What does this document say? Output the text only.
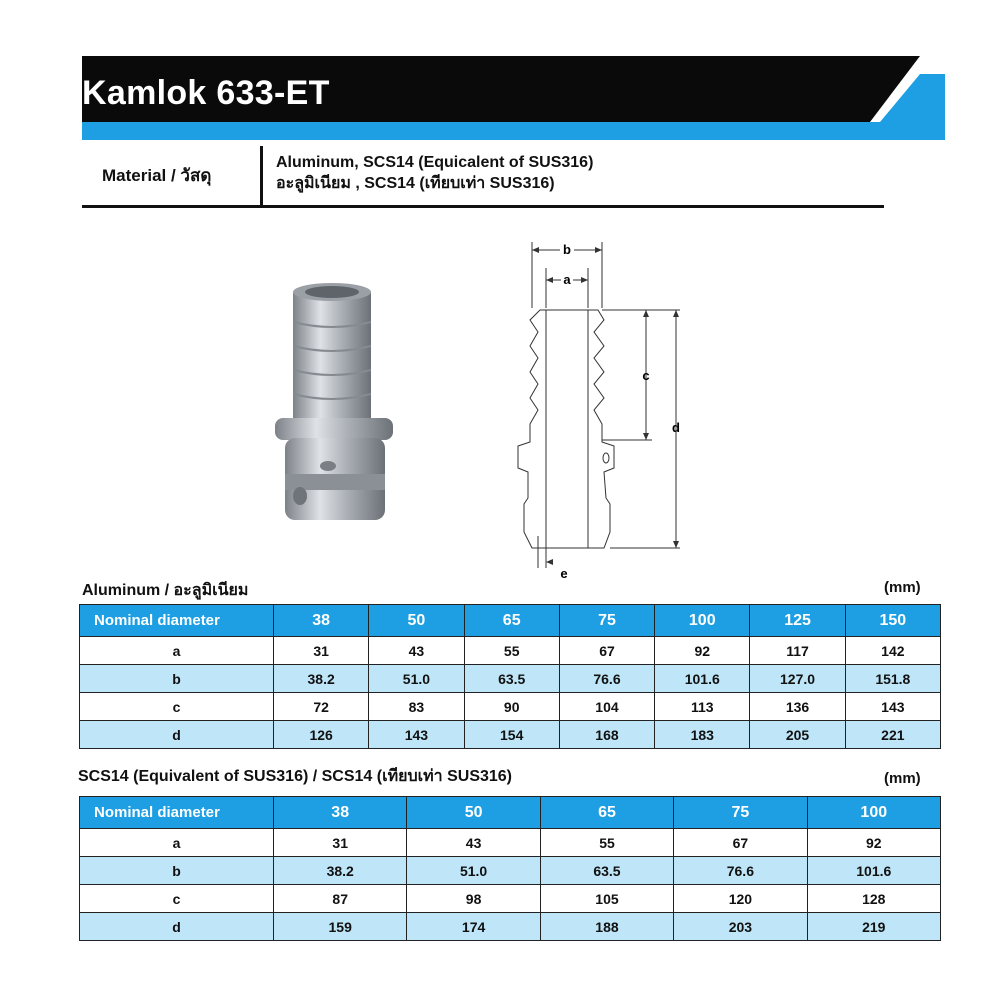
Kamlok 633-ET
Material / วัสดุ
Aluminum, SCS14 (Equicalent of SUS316)
อะลูมิเนียม , SCS14 (เทียบเท่า SUS316)
b
a
c
d
e
Aluminum / อะลูมิเนียม	(mm)
Nominal diameter	38	50	65	75	100	125	150
a	31	43	55	67	92	117	142
b	38.2	51.0	63.5	76.6	101.6	127.0	151.8
c	72	83	90	104	113	136	143
d	126	143	154	168	183	205	221
SCS14 (Equivalent of SUS316) / SCS14 (เทียบเท่า SUS316)	(mm)
Nominal diameter	38	50	65	75	100
a	31	43	55	67	92
b	38.2	51.0	63.5	76.6	101.6
c	87	98	105	120	128
d	159	174	188	203	219
